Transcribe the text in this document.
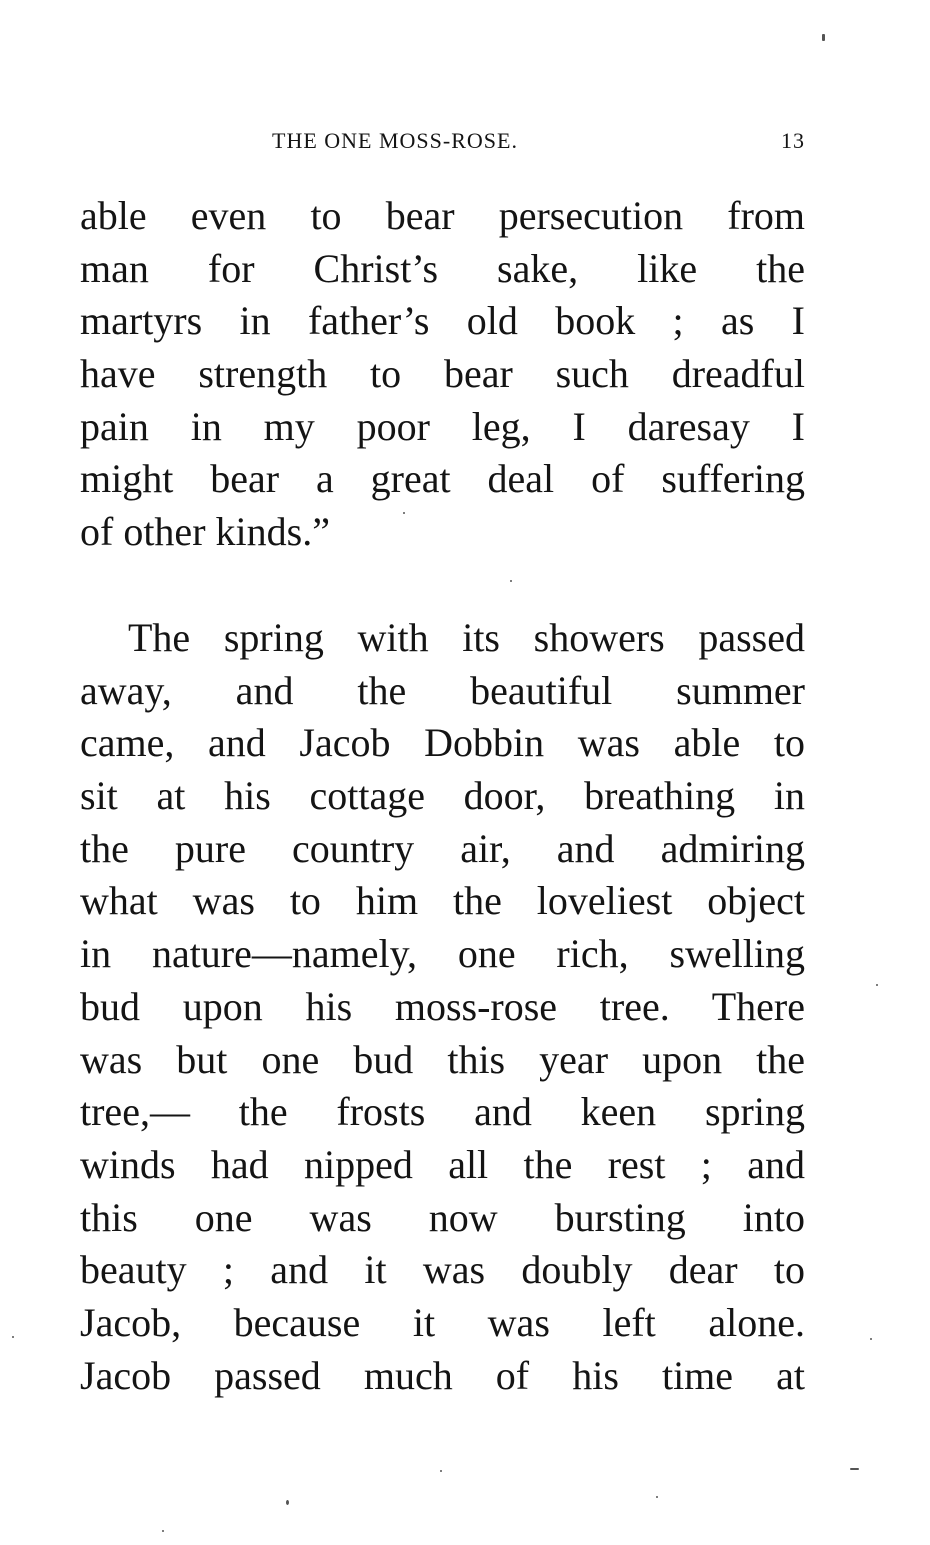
THE ONE MOSS-ROSE.	13
able even to bear persecution from
man for Christ’s sake, like the
martyrs in father’s old book ; as I
have strength to bear such dreadful
pain in my poor leg, I daresay I
might bear a great deal of suffering
of other kinds.”
The spring with its showers passed
away, and the beautiful summer
came, and Jacob Dobbin was able to
sit at his cottage door, breathing in
the pure country air, and admiring
what was to him the loveliest object
in nature—namely, one rich, swelling
bud upon his moss-rose tree. There
was but one bud this year upon the
tree,— the frosts and keen spring
winds had nipped all the rest ; and
this one was now bursting into
beauty ; and it was doubly dear to
Jacob, because it was left alone.
Jacob passed much of his time at
